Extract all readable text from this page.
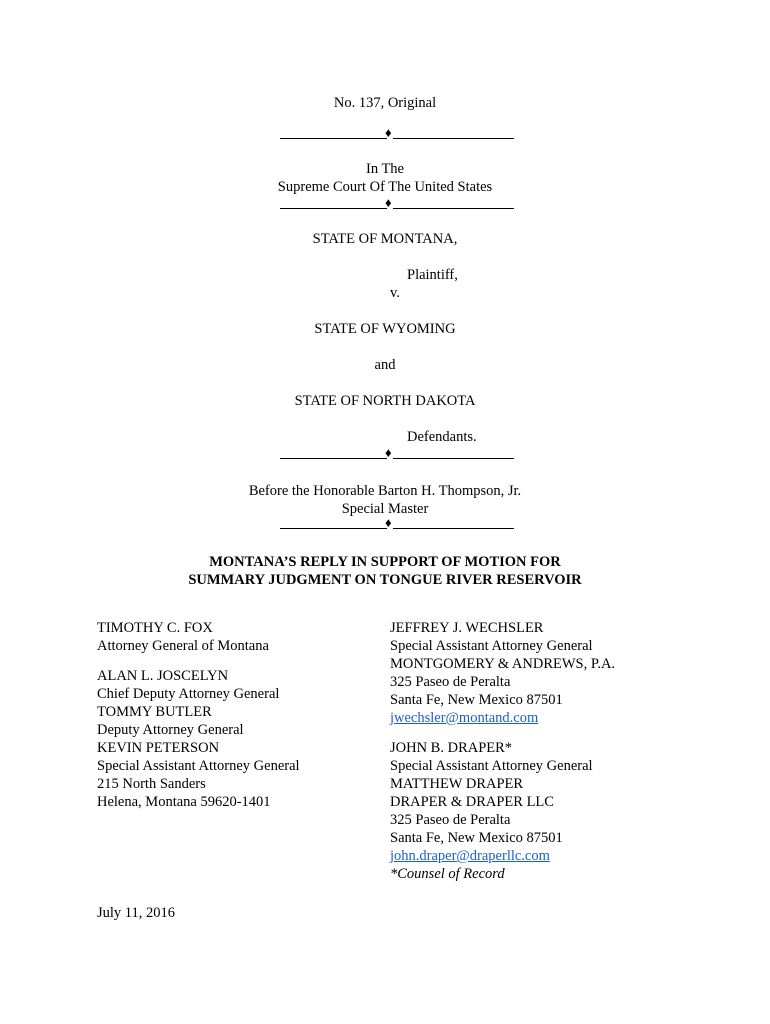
No. 137, Original
♦
In The
Supreme Court Of The United States
♦
STATE OF MONTANA,
Plaintiff,
v.
STATE OF WYOMING
and
STATE OF NORTH DAKOTA
Defendants.
♦
Before the Honorable Barton H. Thompson, Jr.
Special Master
♦
MONTANA’S REPLY IN SUPPORT OF MOTION FOR
SUMMARY JUDGMENT ON TONGUE RIVER RESERVOIR
TIMOTHY C. FOX
Attorney General of Montana
ALAN L. JOSCELYN
Chief Deputy Attorney General
TOMMY BUTLER
Deputy Attorney General
KEVIN PETERSON
Special Assistant Attorney General
215 North Sanders
Helena, Montana 59620-1401
JEFFREY J. WECHSLER
Special Assistant Attorney General
MONTGOMERY & ANDREWS, P.A.
325 Paseo de Peralta
Santa Fe, New Mexico 87501
jwechsler@montand.com
JOHN B. DRAPER*
Special Assistant Attorney General
MATTHEW DRAPER
DRAPER & DRAPER LLC
325 Paseo de Peralta
Santa Fe, New Mexico 87501
john.draper@draperllc.com
*Counsel of Record
July 11, 2016
